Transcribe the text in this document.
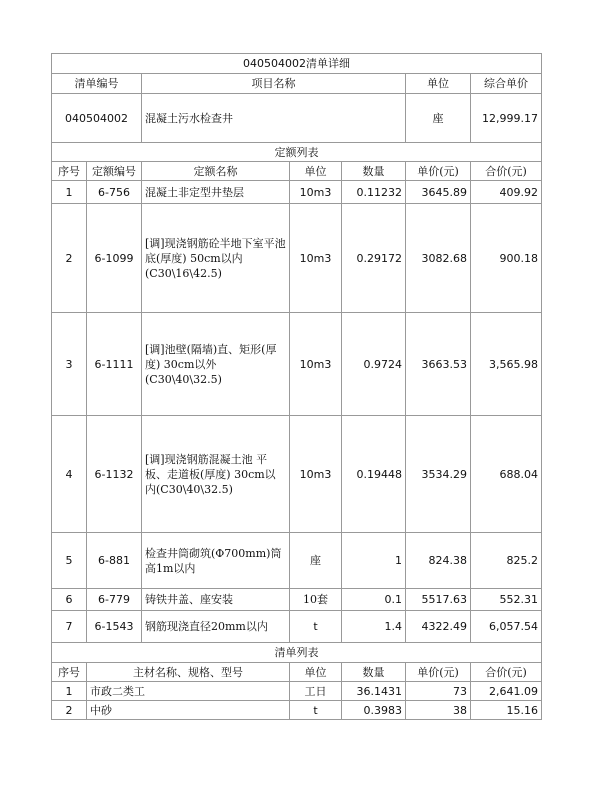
040504002清单详细						
清单编号		项目名称			单位	综合单价
040504002		混凝土污水检查井			座	12,999.17
定额列表						
序号	定额编号	定额名称	单位	数量	单价(元)	合价(元)
1	6-756	混凝土非定型井垫层	10m3	0.11232	3645.89	409.92
2	6-1099	[调]现浇钢筋砼半地下室平池底(厚度) 50cm以内(C30\16\42.5)	10m3	0.29172	3082.68	900.18
3	6-1111	[调]池壁(隔墙)直、矩形(厚度) 30cm以外(C30\40\32.5)	10m3	0.9724	3663.53	3,565.98
4	6-1132	[调]现浇钢筋混凝土池 平板、走道板(厚度) 30cm以内(C30\40\32.5)	10m3	0.19448	3534.29	688.04
5	6-881	检查井筒砌筑(Φ700mm)筒高1m以内	座	1	824.38	825.2
6	6-779	铸铁井盖、座安装	10套	0.1	5517.63	552.31
7	6-1543	钢筋现浇直径20mm以内	t	1.4	4322.49	6,057.54
清单列表						
序号	主材名称、规格、型号		单位	数量	单价(元)	合价(元)
1	市政二类工		工日	36.1431	73	2,641.09
2	中砂		t	0.3983	38	15.16
